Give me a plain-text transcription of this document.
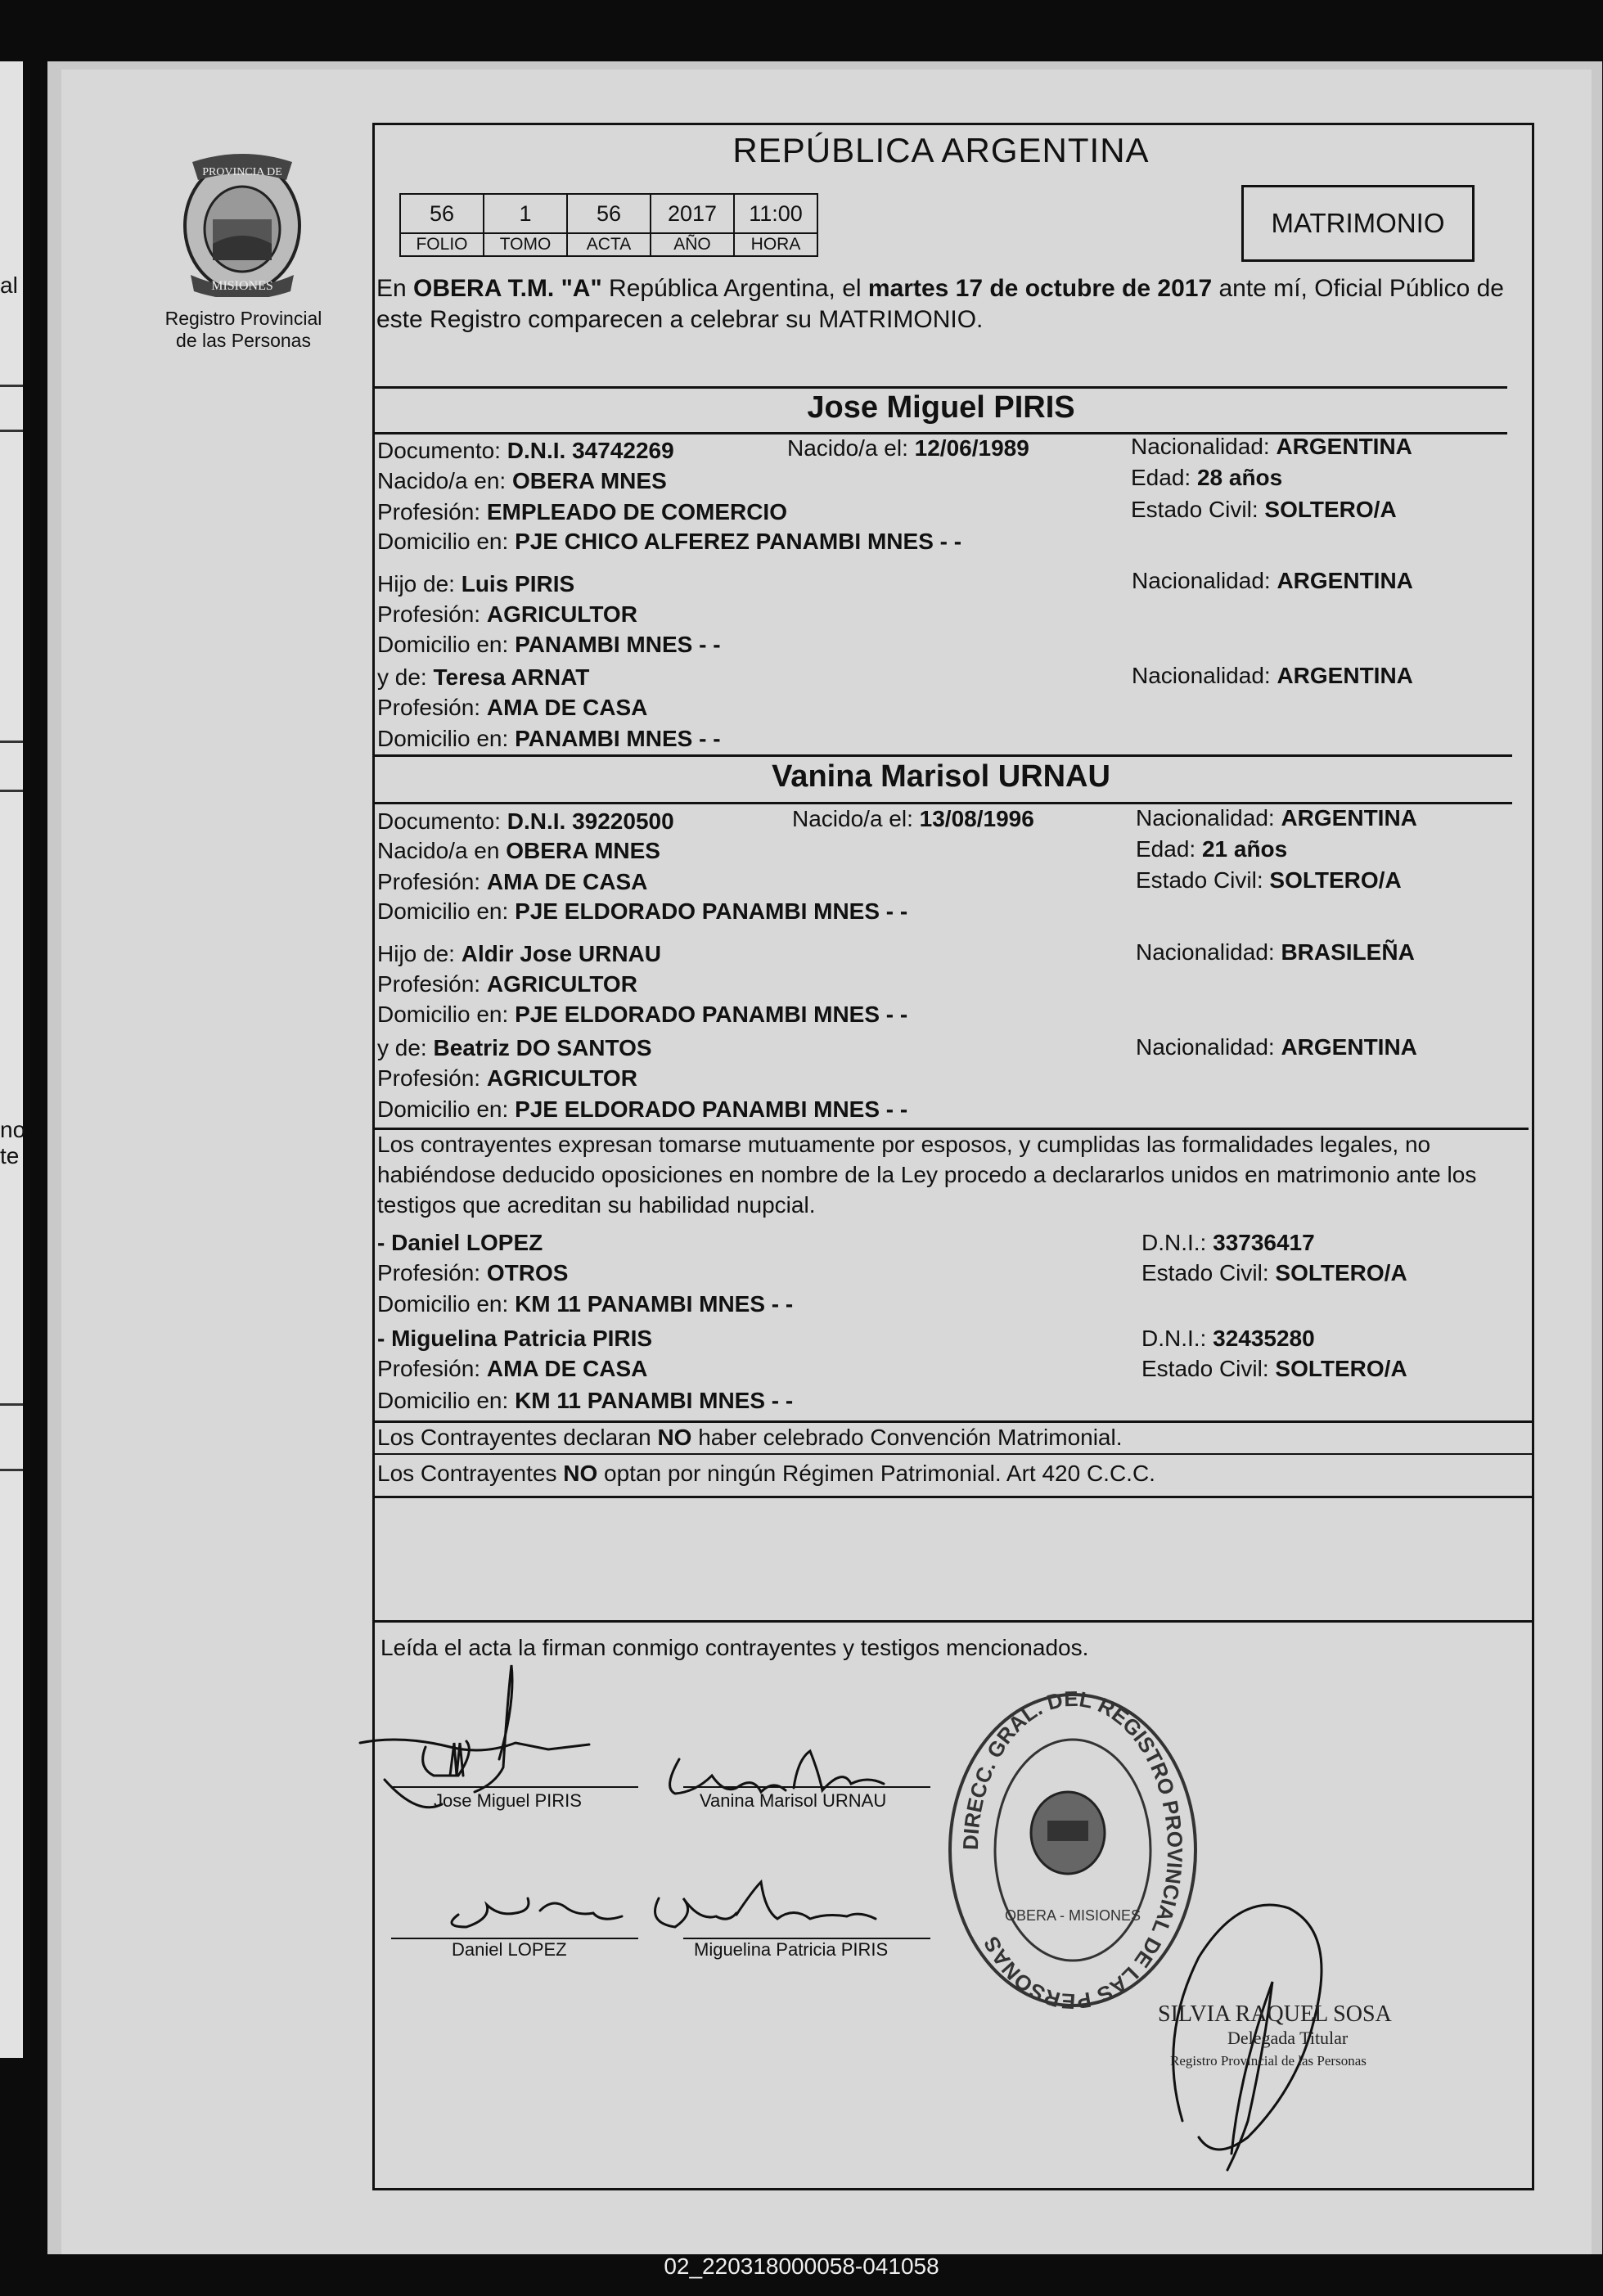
al
no
te
PROVINCIA DE
MISIONES
Registro Provincial
de las Personas
REPÚBLICA ARGENTINA
56	1	56	2017	11:00
FOLIO	TOMO	ACTA	AÑO	HORA
MATRIMONIO
En OBERA T.M. "A" República Argentina, el martes 17 de octubre de 2017 ante mí, Oficial Público de este Registro comparecen a celebrar su MATRIMONIO.
Jose Miguel PIRIS
Documento: D.N.I. 34742269	Nacido/a el: 12/06/1989	Nacionalidad: ARGENTINA
Nacido/a en: OBERA MNES	Edad: 28 años
Profesión: EMPLEADO DE COMERCIO	Estado Civil: SOLTERO/A
Domicilio en: PJE CHICO ALFEREZ PANAMBI MNES - -
Hijo de: Luis PIRIS	Nacionalidad: ARGENTINA
Profesión: AGRICULTOR
Domicilio en: PANAMBI MNES - -
y de: Teresa ARNAT	Nacionalidad: ARGENTINA
Profesión: AMA DE CASA
Domicilio en: PANAMBI MNES - -
Vanina Marisol URNAU
Documento: D.N.I. 39220500	Nacido/a el: 13/08/1996	Nacionalidad: ARGENTINA
Nacido/a en OBERA MNES	Edad: 21 años
Profesión: AMA DE CASA	Estado Civil: SOLTERO/A
Domicilio en: PJE ELDORADO PANAMBI MNES - -
Hijo de: Aldir Jose URNAU	Nacionalidad: BRASILEÑA
Profesión: AGRICULTOR
Domicilio en: PJE ELDORADO PANAMBI MNES - -
y de: Beatriz DO SANTOS	Nacionalidad: ARGENTINA
Profesión: AGRICULTOR
Domicilio en: PJE ELDORADO PANAMBI MNES - -
Los contrayentes expresan tomarse mutuamente por esposos, y cumplidas las formalidades legales, no habiéndose deducido oposiciones en nombre de la Ley procedo a declararlos unidos en matrimonio ante los testigos que acreditan su habilidad nupcial.
- Daniel LOPEZ	D.N.I.: 33736417
Profesión: OTROS	Estado Civil: SOLTERO/A
Domicilio en: KM 11 PANAMBI MNES - -
- Miguelina Patricia PIRIS	D.N.I.: 32435280
Profesión: AMA DE CASA	Estado Civil: SOLTERO/A
Domicilio en: KM 11 PANAMBI MNES - -
Los Contrayentes declaran NO haber celebrado Convención Matrimonial.
Los Contrayentes NO optan por ningún Régimen Patrimonial. Art 420 C.C.C.
Leída el acta la firman conmigo contrayentes y testigos mencionados.
Jose Miguel PIRIS	Vanina Marisol URNAU
Daniel LOPEZ	Miguelina Patricia PIRIS
DIRECC. GRAL. DEL REGISTRO PROVINCIAL DE LAS PERSONAS
OBERA - MISIONES
SILVIA RAQUEL SOSA
Delegada Titular
Registro Provincial de las Personas
02_220318000058-041058
